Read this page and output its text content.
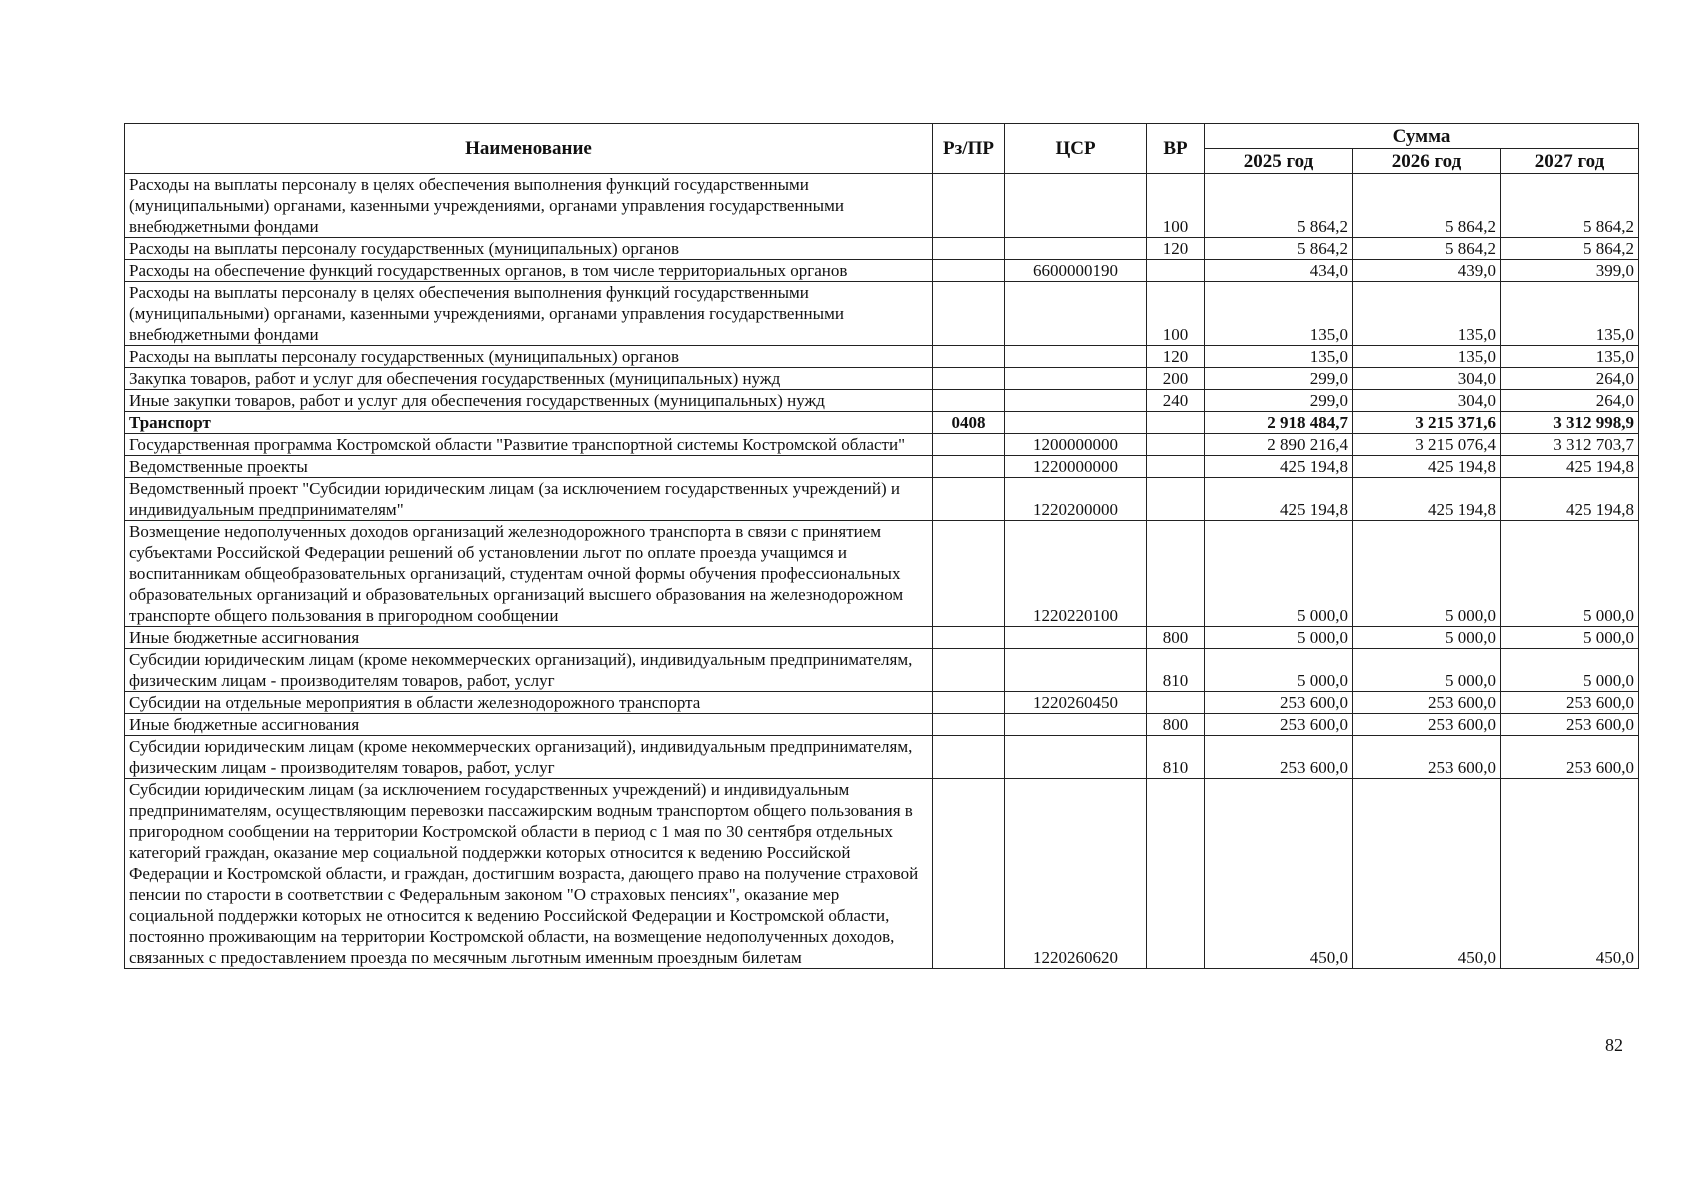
Наименование	Рз/ПР	ЦСР	ВР	Сумма		
				2025 год	2026 год	2027 год
Расходы на выплаты персоналу в целях обеспечения выполнения функций государственными (муниципальными) органами, казенными учреждениями, органами управления государственными внебюджетными фондами			100	5 864,2	5 864,2	5 864,2
Расходы на выплаты персоналу государственных (муниципальных) органов			120	5 864,2	5 864,2	5 864,2
Расходы на обеспечение функций государственных органов, в том числе территориальных органов		6600000190		434,0	439,0	399,0
Расходы на выплаты персоналу в целях обеспечения выполнения функций государственными (муниципальными) органами, казенными учреждениями, органами управления государственными внебюджетными фондами			100	135,0	135,0	135,0
Расходы на выплаты персоналу государственных (муниципальных) органов			120	135,0	135,0	135,0
Закупка товаров, работ и услуг для обеспечения государственных (муниципальных) нужд			200	299,0	304,0	264,0
Иные закупки товаров, работ и услуг для обеспечения государственных (муниципальных) нужд			240	299,0	304,0	264,0
Транспорт	0408			2 918 484,7	3 215 371,6	3 312 998,9
Государственная программа Костромской области "Развитие транспортной системы Костромской области"		1200000000		2 890 216,4	3 215 076,4	3 312 703,7
Ведомственные проекты		1220000000		425 194,8	425 194,8	425 194,8
Ведомственный проект "Субсидии юридическим лицам (за исключением государственных учреждений) и индивидуальным предпринимателям"		1220200000		425 194,8	425 194,8	425 194,8
Возмещение недополученных доходов организаций железнодорожного транспорта в связи с принятием субъектами Российской Федерации решений об установлении льгот по оплате проезда учащимся и воспитанникам общеобразовательных организаций, студентам очной формы обучения профессиональных образовательных организаций и образовательных организаций высшего образования на железнодорожном транспорте общего пользования в пригородном сообщении		1220220100		5 000,0	5 000,0	5 000,0
Иные бюджетные ассигнования			800	5 000,0	5 000,0	5 000,0
Субсидии юридическим лицам (кроме некоммерческих организаций), индивидуальным предпринимателям, физическим лицам - производителям товаров, работ, услуг			810	5 000,0	5 000,0	5 000,0
Субсидии на отдельные мероприятия в области железнодорожного транспорта		1220260450		253 600,0	253 600,0	253 600,0
Иные бюджетные ассигнования			800	253 600,0	253 600,0	253 600,0
Субсидии юридическим лицам (кроме некоммерческих организаций), индивидуальным предпринимателям, физическим лицам - производителям товаров, работ, услуг			810	253 600,0	253 600,0	253 600,0
Субсидии юридическим лицам (за исключением государственных учреждений) и индивидуальным предпринимателям, осуществляющим перевозки пассажирским водным транспортом общего пользования в пригородном сообщении на территории Костромской области в период с 1 мая по 30 сентября отдельных категорий граждан, оказание мер социальной поддержки которых относится к ведению Российской Федерации и Костромской области, и граждан, достигшим возраста, дающего право на получение страховой пенсии по старости в соответствии с Федеральным законом "О страховых пенсиях", оказание мер социальной поддержки которых не относится к ведению Российской Федерации и Костромской области, постоянно проживающим на территории Костромской области, на возмещение недополученных доходов, связанных с предоставлением проезда по месячным льготным именным проездным билетам		1220260620		450,0	450,0	450,0
82
